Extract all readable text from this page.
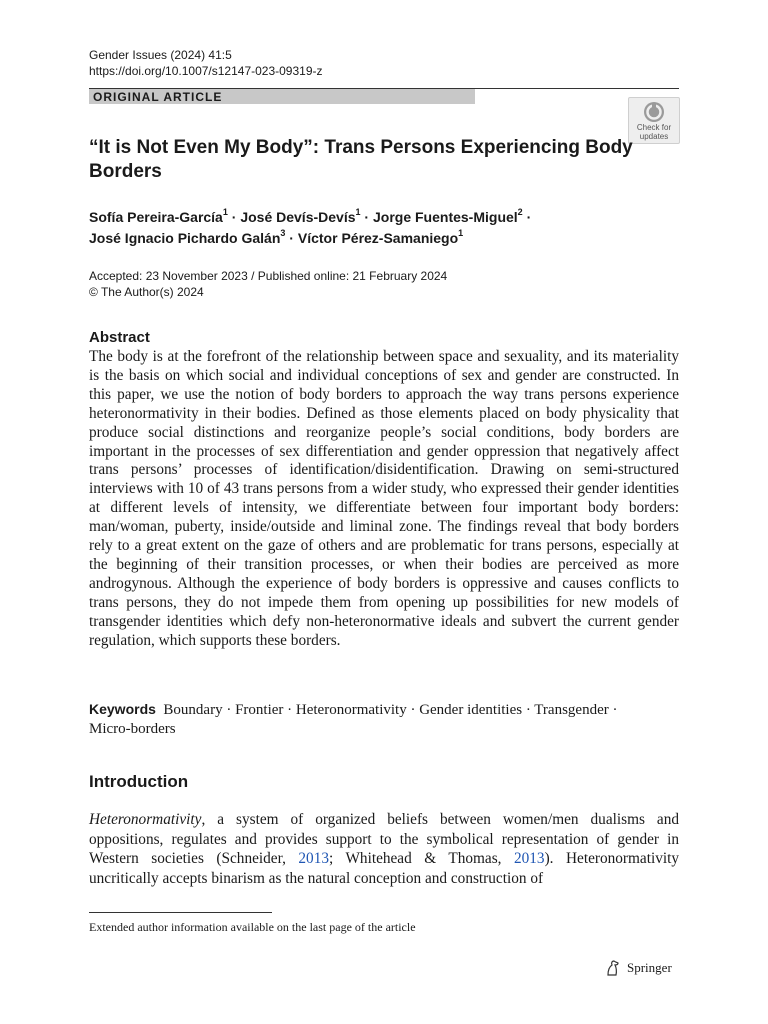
Gender Issues (2024) 41:5
https://doi.org/10.1007/s12147-023-09319-z
ORIGINAL ARTICLE
Check for
updates
“It is Not Even My Body”: Trans Persons Experiencing Body Borders
Sofía Pereira-García$^1$ · José Devís-Devís$^1$ · Jorge Fuentes-Miguel$^2$ ·
José Ignacio Pichardo Galán$^3$ · Víctor Pérez-Samaniego$^1$
Accepted: 23 November 2023 / Published online: 21 February 2024
© The Author(s) 2024
Abstract
The body is at the forefront of the relationship between space and sexuality, and its materiality is the basis on which social and individual conceptions of sex and gender are constructed. In this paper, we use the notion of body borders to approach the way trans persons experience heteronormativity in their bodies. Defined as those elements placed on body physicality that produce social distinctions and reorganize people’s social conditions, body borders are important in the processes of sex differentiation and gender oppression that negatively affect trans persons’ processes of identification/disidentification. Drawing on semi-structured interviews with 10 of 43 trans persons from a wider study, who expressed their gender identities at different levels of intensity, we differentiate between four important body borders: man/woman, puberty, inside/outside and liminal zone. The findings reveal that body borders rely to a great extent on the gaze of others and are problematic for trans persons, especially at the beginning of their transition processes, or when their bodies are perceived as more androgynous. Although the experience of body borders is oppressive and causes conflicts to trans persons, they do not impede them from opening up possibilities for new models of transgender identities which defy non-heteronormative ideals and subvert the current gender regulation, which supports these borders.
Keywords Boundary · Frontier · Heteronormativity · Gender identities · Transgender · Micro-borders
Introduction
Heteronormativity, a system of organized beliefs between women/men dualisms and oppositions, regulates and provides support to the symbolical representation of gender in Western societies (Schneider, 2013; Whitehead & Thomas, 2013). Heteronormativity uncritically accepts binarism as the natural conception and construction of
Extended author information available on the last page of the article
Springer
